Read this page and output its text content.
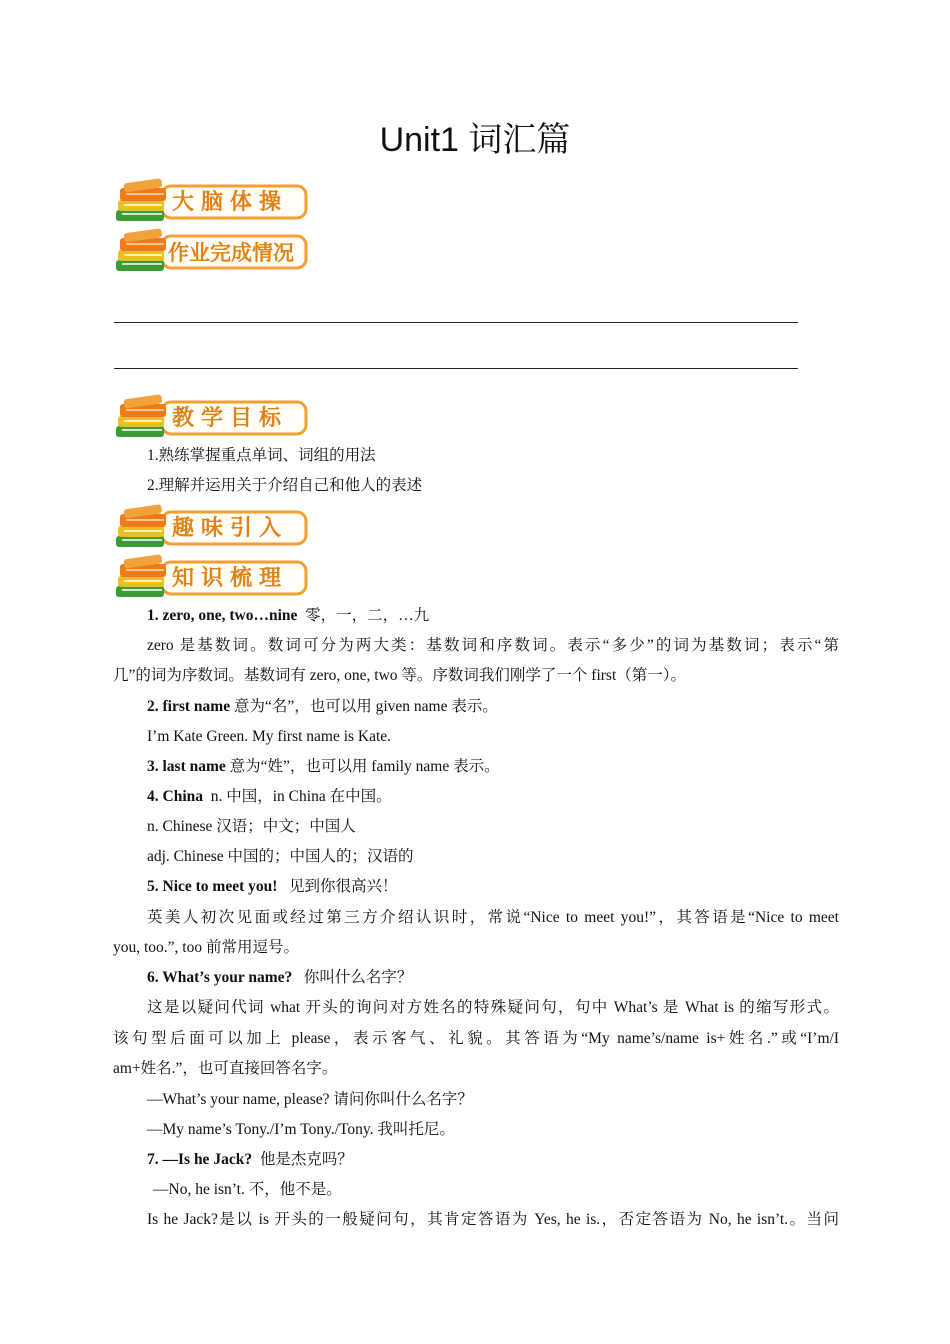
Unit1 词汇篇
大脑体操
作业完成情况
教学目标
1.熟练掌握重点单词、词组的用法
2.理解并运用关于介绍自己和他人的表述
趣味引入
知识梳理
1. zero, one, two…nine 零，一，二，…九
zero 是基数词。数词可分为两大类：基数词和序数词。表示“多少”的词为基数词；表示“第
几”的词为序数词。基数词有 zero, one, two 等。序数词我们刚学了一个 first（第一）。
2. first name 意为“名”，也可以用 given name 表示。
I’m Kate Green. My first name is Kate.
3. last name 意为“姓”，也可以用 family name 表示。
4. China n. 中国，in China 在中国。
n. Chinese 汉语；中文；中国人
adj. Chinese 中国的；中国人的；汉语的
5. Nice to meet you! 见到你很高兴！
英美人初次见面或经过第三方介绍认识时，常说“Nice to meet you!”，其答语是“Nice to meet
you, too.”, too 前常用逗号。
6. What’s your name? 你叫什么名字？
这是以疑问代词 what 开头的询问对方姓名的特殊疑问句，句中 What’s 是 What is 的缩写形式。
该句型后面可以加上 please，表示客气、礼貌。其答语为“My name’s/name is+姓名.”或“I’m/I
am+姓名.”，也可直接回答名字。
—What’s your name, please? 请问你叫什么名字？
—My name’s Tony./I’m Tony./Tony. 我叫托尼。
7. —Is he Jack? 他是杰克吗？
—No, he isn’t. 不，他不是。
Is he Jack?是以 is 开头的一般疑问句，其肯定答语为 Yes, he is.，否定答语为 No, he isn’t.。当问
